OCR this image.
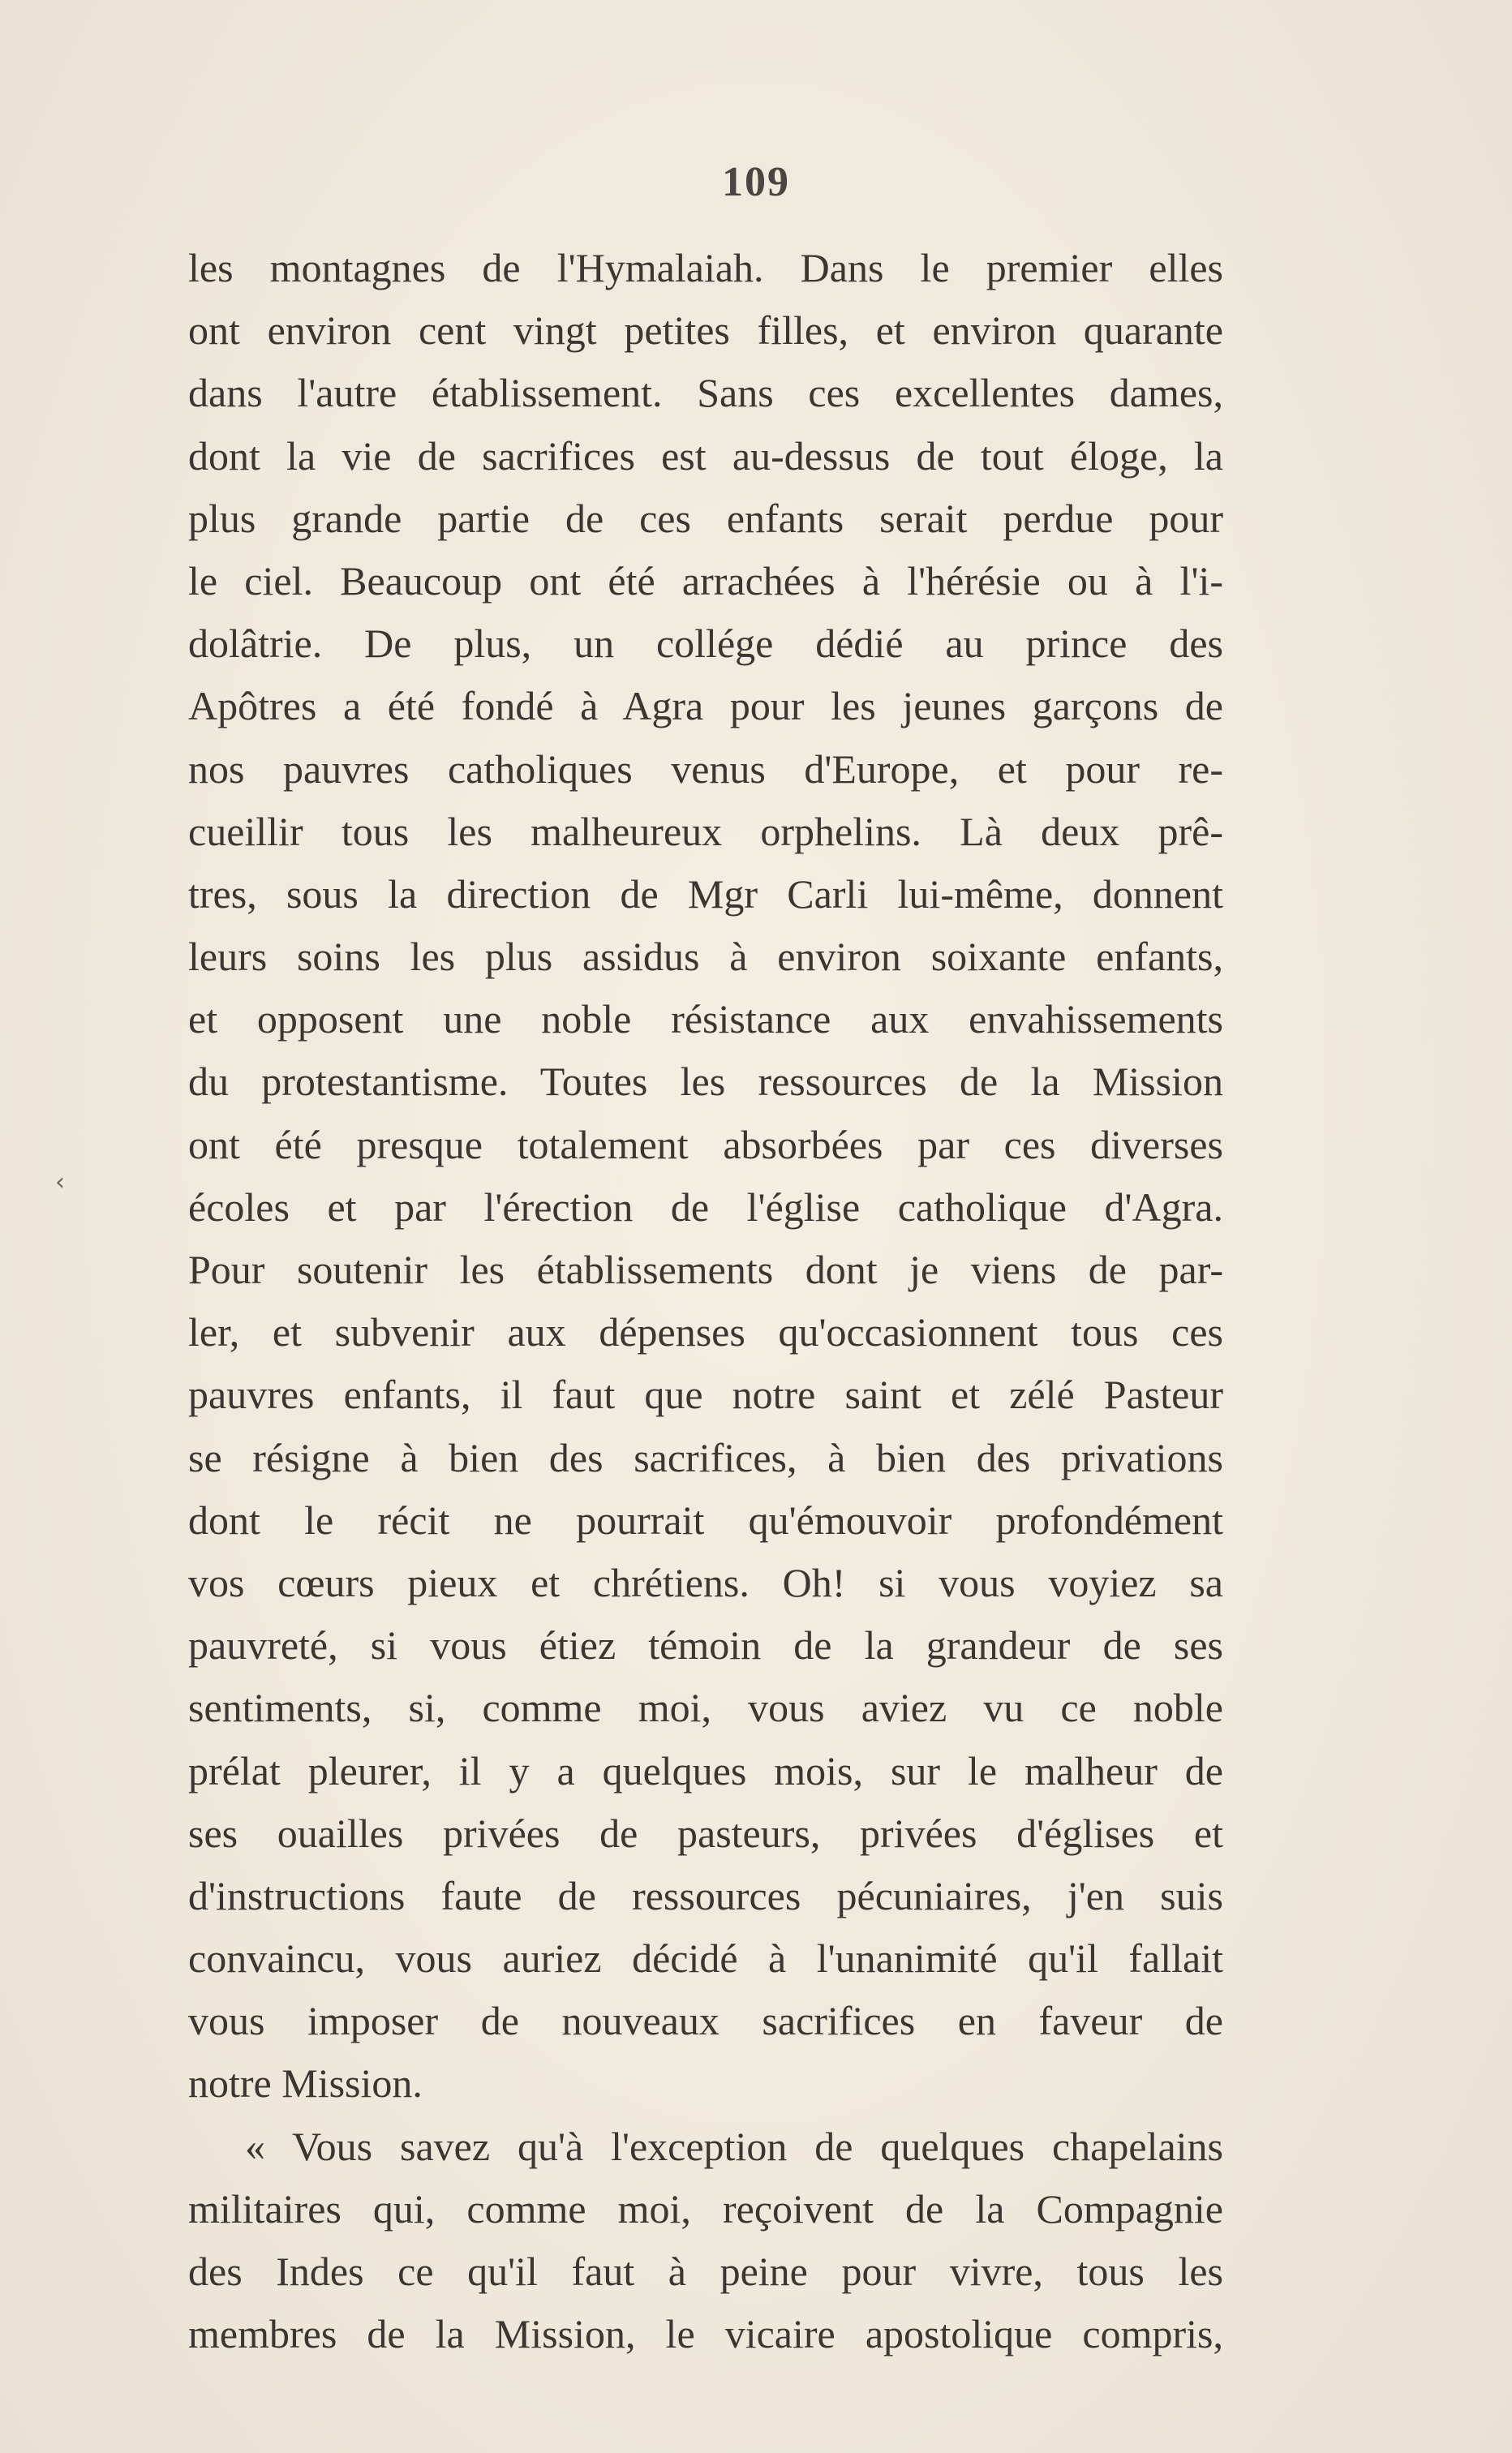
109
‹
les montagnes de l'Hymalaiah. Dans le premier elles
ont environ cent vingt petites filles, et environ quarante
dans l'autre établissement. Sans ces excellentes dames,
dont la vie de sacrifices est au-dessus de tout éloge, la
plus grande partie de ces enfants serait perdue pour
le ciel. Beaucoup ont été arrachées à l'hérésie ou à l'i-
dolâtrie. De plus, un collége dédié au prince des
Apôtres a été fondé à Agra pour les jeunes garçons de
nos pauvres catholiques venus d'Europe, et pour re-
cueillir tous les malheureux orphelins. Là deux prê-
tres, sous la direction de Mgr Carli lui-même, donnent
leurs soins les plus assidus à environ soixante enfants,
et opposent une noble résistance aux envahissements
du protestantisme. Toutes les ressources de la Mission
ont été presque totalement absorbées par ces diverses
écoles et par l'érection de l'église catholique d'Agra.
Pour soutenir les établissements dont je viens de par-
ler, et subvenir aux dépenses qu'occasionnent tous ces
pauvres enfants, il faut que notre saint et zélé Pasteur
se résigne à bien des sacrifices, à bien des privations
dont le récit ne pourrait qu'émouvoir profondément
vos cœurs pieux et chrétiens. Oh! si vous voyiez sa
pauvreté, si vous étiez témoin de la grandeur de ses
sentiments, si, comme moi, vous aviez vu ce noble
prélat pleurer, il y a quelques mois, sur le malheur de
ses ouailles privées de pasteurs, privées d'églises et
d'instructions faute de ressources pécuniaires, j'en suis
convaincu, vous auriez décidé à l'unanimité qu'il fallait
vous imposer de nouveaux sacrifices en faveur de
notre Mission.
« Vous savez qu'à l'exception de quelques chapelains
militaires qui, comme moi, reçoivent de la Compagnie
des Indes ce qu'il faut à peine pour vivre, tous les
membres de la Mission, le vicaire apostolique compris,
